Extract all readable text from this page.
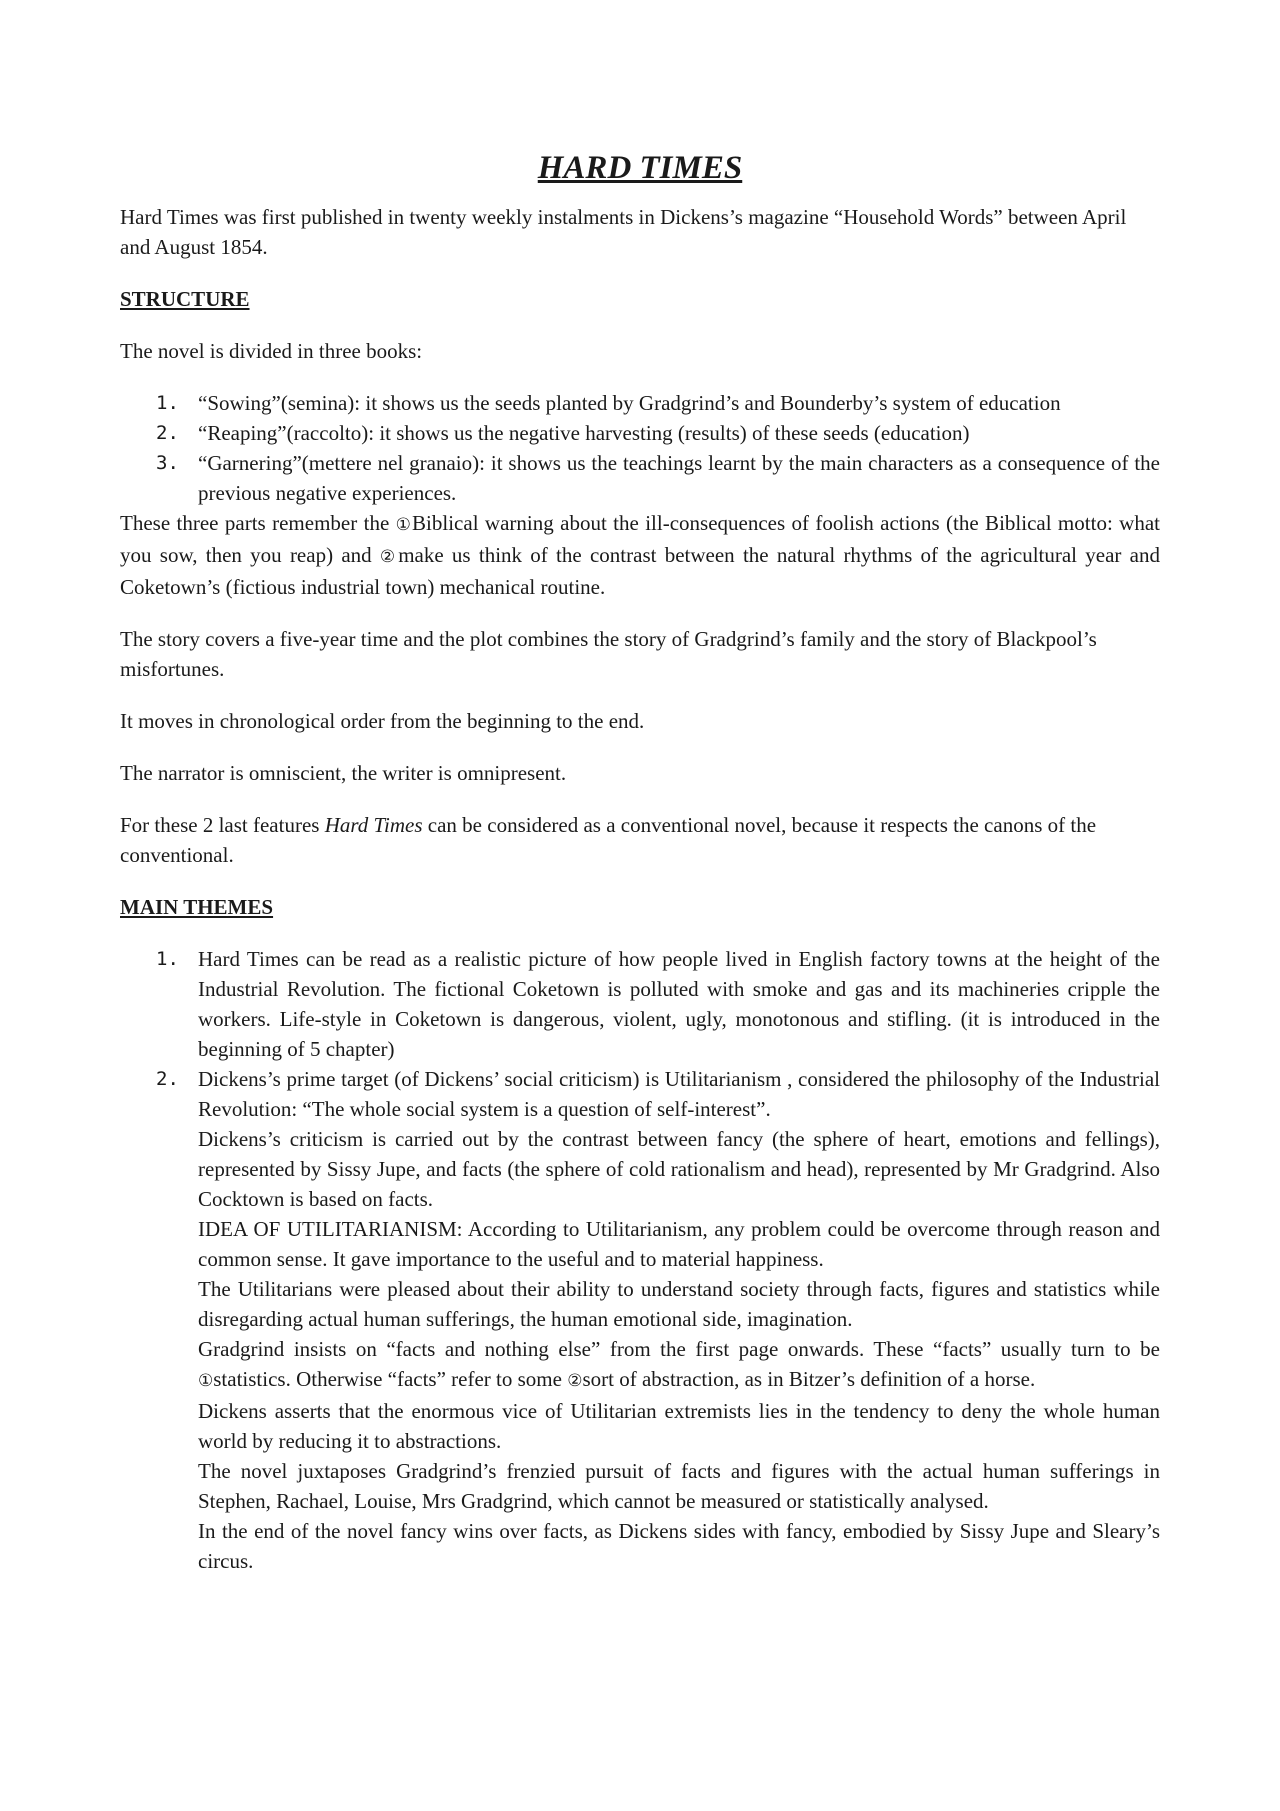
HARD TIMES

Hard Times was first published in twenty weekly instalments in Dickens’s magazine “Household Words” between April and August 1854.

STRUCTURE

The novel is divided in three books:

1. “Sowing”(semina): it shows us the seeds planted by Gradgrind’s and Bounderby’s system of education
2. “Reaping”(raccolto): it shows us the negative harvesting (results) of these seeds (education)
3. “Garnering”(mettere nel granaio): it shows us the teachings learnt by the main characters as a consequence of the previous negative experiences.

These three parts remember the ①Biblical warning about the ill-consequences of foolish actions (the Biblical motto: what you sow, then you reap) and ②make us think of the contrast between the natural rhythms of the agricultural year and Coketown’s (fictious industrial town) mechanical routine.

The story covers a five-year time and the plot combines the story of Gradgrind’s family and the story of Blackpool’s misfortunes.

It moves in chronological order from the beginning to the end.

The narrator is omniscient, the writer is omnipresent.

For these 2 last features Hard Times can be considered as a conventional novel, because it respects the canons of the conventional.

MAIN THEMES
1. Hard Times can be read as a realistic picture of how people lived in English factory towns at the height of the Industrial Revolution. The fictional Coketown is polluted with smoke and gas and its machineries cripple the workers. Life-style in Coketown is dangerous, violent, ugly, monotonous and stifling. (it is introduced in the beginning of 5 chapter)
2. Dickens’s prime target (of Dickens’ social criticism) is Utilitarianism , considered the philosophy of the Industrial Revolution: “The whole social system is a question of self-interest”.
Dickens’s criticism is carried out by the contrast between fancy (the sphere of heart, emotions and fellings), represented by Sissy Jupe, and facts (the sphere of cold rationalism and head), represented by Mr Gradgrind. Also Cocktown is based on facts.
IDEA OF UTILITARIANISM: According to Utilitarianism, any problem could be overcome through reason and common sense. It gave importance to the useful and to material happiness.
The Utilitarians were pleased about their ability to understand society through facts, figures and statistics while disregarding actual human sufferings, the human emotional side, imagination.
Gradgrind insists on “facts and nothing else” from the first page onwards. These “facts” usually turn to be ①statistics. Otherwise “facts” refer to some ②sort of abstraction, as in Bitzer’s definition of a horse.
Dickens asserts that the enormous vice of Utilitarian extremists lies in the tendency to deny the whole human world by reducing it to abstractions.
The novel juxtaposes Gradgrind’s frenzied pursuit of facts and figures with the actual human sufferings in Stephen, Rachael, Louise, Mrs Gradgrind, which cannot be measured or statistically analysed.
In the end of the novel fancy wins over facts, as Dickens sides with fancy, embodied by Sissy Jupe and Sleary’s circus.
